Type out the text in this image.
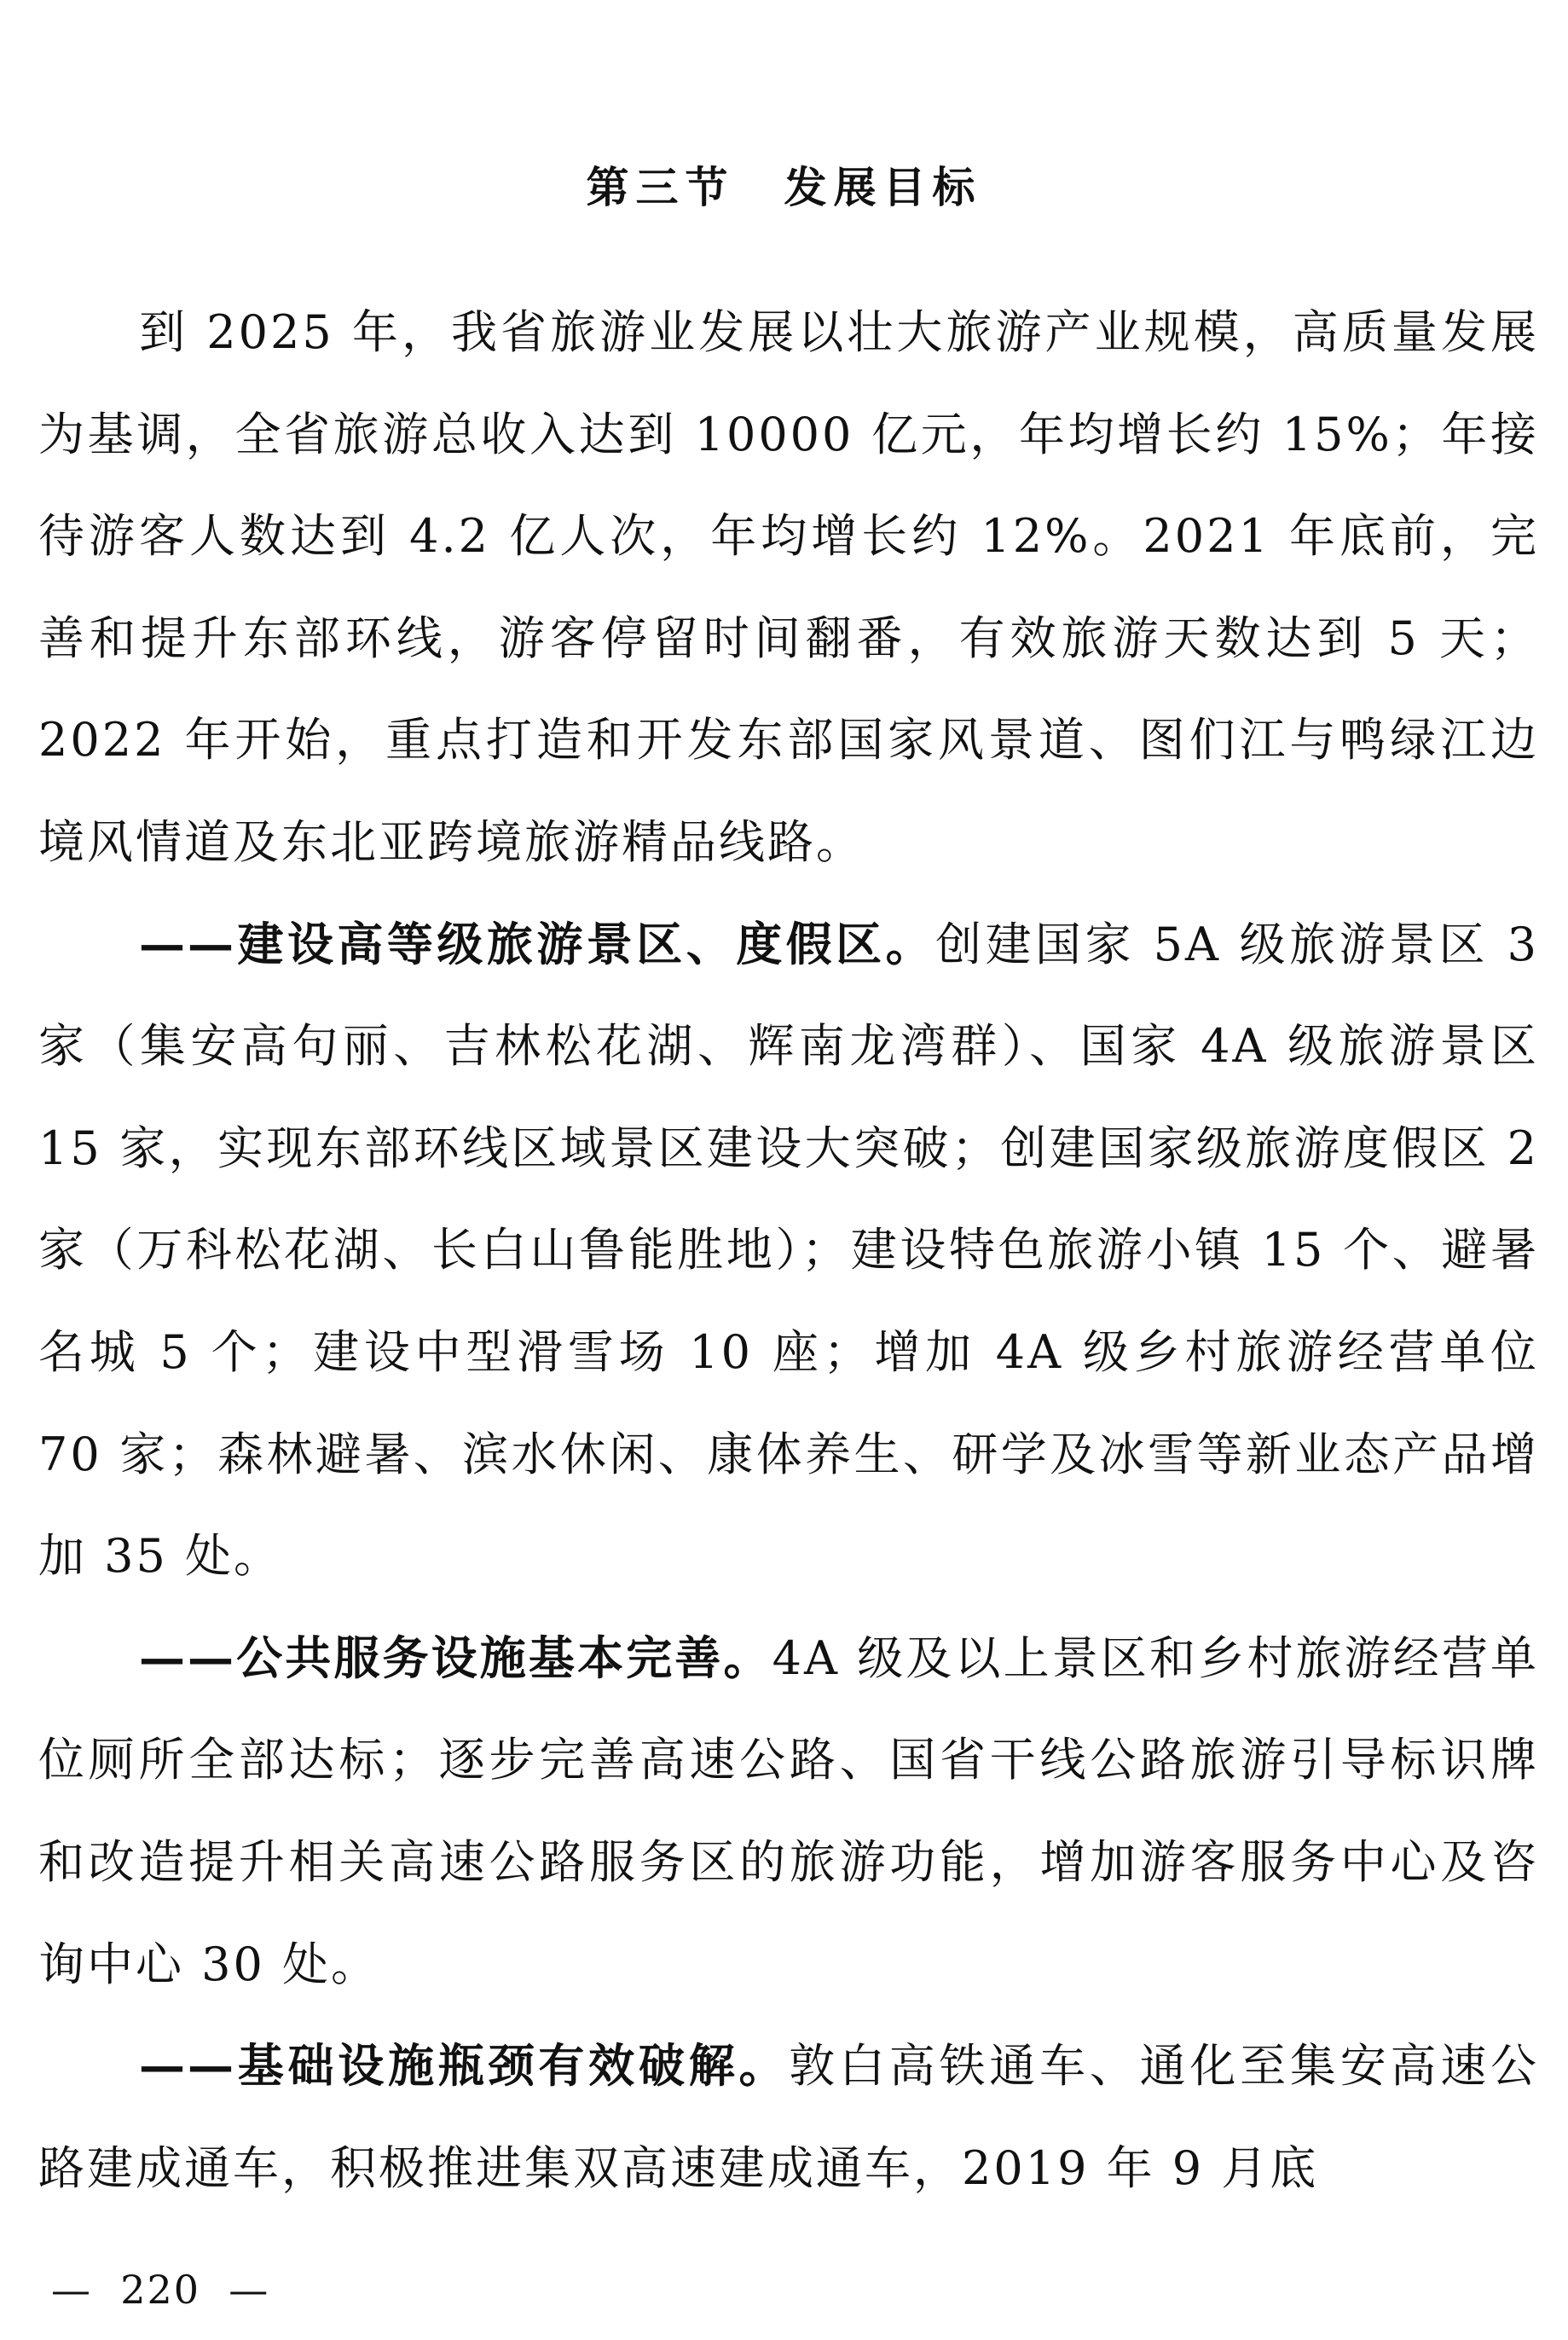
第三节　发展目标

到 2025 年，我省旅游业发展以壮大旅游产业规模，高质量发展为基调，全省旅游总收入达到 10000 亿元，年均增长约 15%；年接待游客人数达到 4.2 亿人次，年均增长约 12%。2021 年底前，完善和提升东部环线，游客停留时间翻番，有效旅游天数达到 5 天；2022 年开始，重点打造和开发东部国家风景道、图们江与鸭绿江边境风情道及东北亚跨境旅游精品线路。

——建设高等级旅游景区、度假区。创建国家 5A 级旅游景区 3 家（集安高句丽、吉林松花湖、辉南龙湾群）、国家 4A 级旅游景区 15 家，实现东部环线区域景区建设大突破；创建国家级旅游度假区 2 家（万科松花湖、长白山鲁能胜地）；建设特色旅游小镇 15 个、避暑名城 5 个；建设中型滑雪场 10 座；增加 4A 级乡村旅游经营单位 70 家；森林避暑、滨水休闲、康体养生、研学及冰雪等新业态产品增加 35 处。

——公共服务设施基本完善。4A 级及以上景区和乡村旅游经营单位厕所全部达标；逐步完善高速公路、国省干线公路旅游引导标识牌和改造提升相关高速公路服务区的旅游功能，增加游客服务中心及咨询中心 30 处。

——基础设施瓶颈有效破解。敦白高铁通车、通化至集安高速公路建成通车，积极推进集双高速建成通车，2019 年 9 月底

—  220  —
